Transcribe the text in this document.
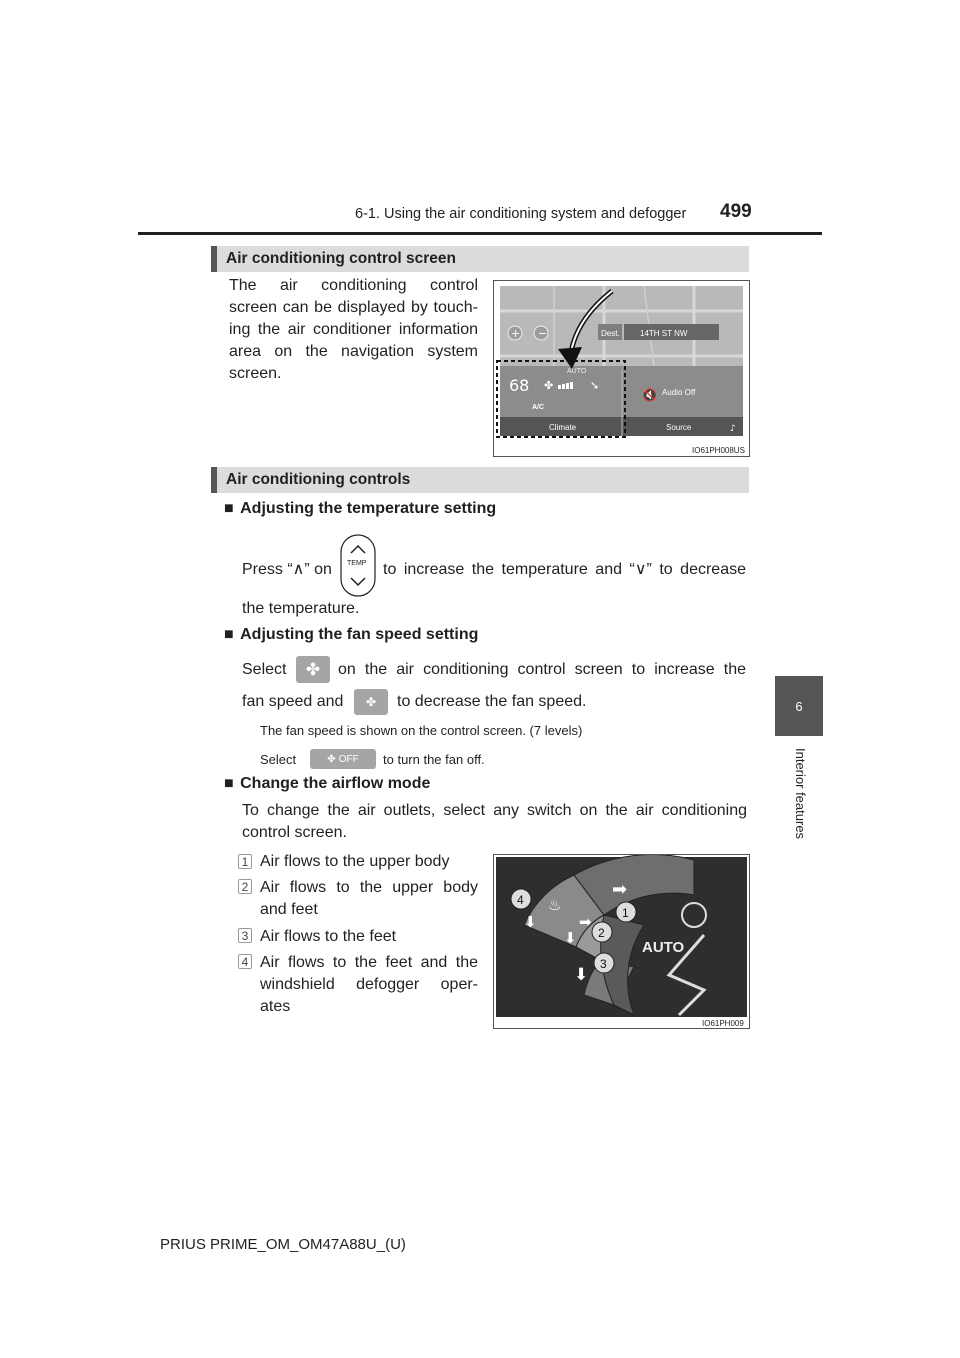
6-1. Using the air conditioning system and defogger 499
6
Interior features
Air conditioning control screen
The air conditioning control
screen can be displayed by touch-
ing the air conditioner information
area on the navigation system
screen.
+ −	Dest.	14TH ST NW
68
AUTO
✤	➘
A/C
🔇 Audio Off
Climate	Source	♪
IO61PH008US
Air conditioning controls
■ Adjusting the temperature setting
Press “∧” on TEMP to increase the temperature and “∨” to decrease
the temperature.
■ Adjusting the fan speed setting
Select ✤ on the air conditioning control screen to increase the
fan speed and ✤ to decrease the fan speed.
The fan speed is shown on the control screen. (7 levels)
Select	✤ OFF to turn the fan off.
■ Change the airflow mode
To change the air outlets, select any switch on the air conditioning
control screen.
1 Air flows to the upper body
2 Air flows to the upper body
and feet
3 Air flows to the feet
4 Air flows to the feet and the
windshield defogger oper-
ates
AUTO
➡
➡
⬇
⬇
⬇
♨	1
2
3
4
IO61PH009
PRIUS PRIME_OM_OM47A88U_(U)
